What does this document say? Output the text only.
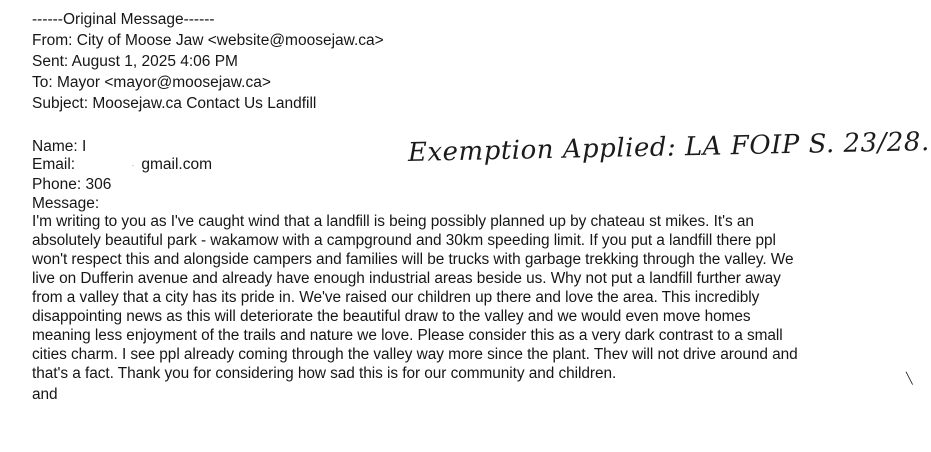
------Original Message------
From: City of Moose Jaw <website@moosejaw.ca>
Sent: August 1, 2025 4:06 PM
To: Mayor <mayor@moosejaw.ca>
Subject: Moosejaw.ca Contact Us Landfill
Name: I
Email:	· gmail.com
Phone: 306
Message:
Exemption Applied: LA FOIP S. 23/28.
I'm writing to you as I've caught wind that a landfill is being possibly planned up by chateau st mikes. It's an
absolutely beautiful park - wakamow with a campground and 30km speeding limit. If you put a landfill there ppl
won't respect this and alongside campers and families will be trucks with garbage trekking through the valley. We
live on Dufferin avenue and already have enough industrial areas beside us. Why not put a landfill further away
from a valley that a city has its pride in. We've raised our children up there and love the area. This incredibly
disappointing news as this will deteriorate the beautiful draw to the valley and we would even move homes
meaning less enjoyment of the trails and nature we love. Please consider this as a very dark contrast to a small
cities charm. I see ppl already coming through the valley way more since the plant. Thev will not drive around and
that's a fact. Thank you for considering how sad this is for our community and children.
and
╲
